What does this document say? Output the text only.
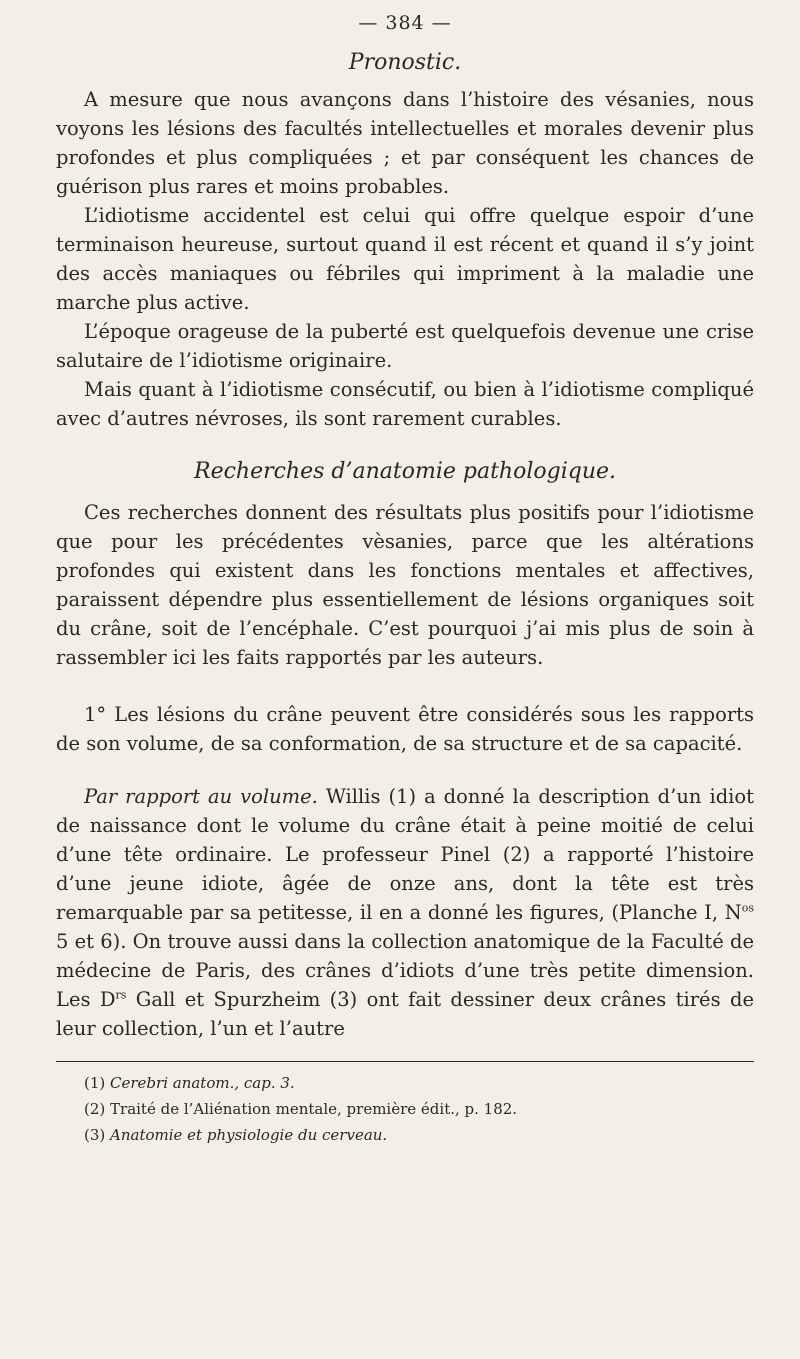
— 384 —
Pronostic.

A mesure que nous avançons dans l’histoire des vésanies, nous voyons les lésions des facultés intellectuelles et morales devenir plus profondes et plus compliquées ; et par conséquent les chances de guérison plus rares et moins probables.

L’idiotisme accidentel est celui qui offre quelque espoir d’une terminaison heureuse, surtout quand il est récent et quand il s’y joint des accès maniaques ou fébriles qui impriment à la maladie une marche plus active.

L’époque orageuse de la puberté est quelquefois devenue une crise salutaire de l’idiotisme originaire.

Mais quant à l’idiotisme consécutif, ou bien à l’idiotisme compliqué avec d’autres névroses, ils sont rarement curables.

Recherches d’anatomie pathologique.

Ces recherches donnent des résultats plus positifs pour l’idiotisme que pour les précédentes vèsanies, parce que les altérations profondes qui existent dans les fonctions mentales et affectives, paraissent dépendre plus essentiellement de lésions organiques soit du crâne, soit de l’encéphale. C’est pourquoi j’ai mis plus de soin à rassembler ici les faits rapportés par les auteurs.

1° Les lésions du crâne peuvent être considérés sous les rapports de son volume, de sa conformation, de sa structure et de sa capacité.

Par rapport au volume. Willis (1) a donné la description d’un idiot de naissance dont le volume du crâne était à peine moitié de celui d’une tête ordinaire. Le professeur Pinel (2) a rapporté l’histoire d’une jeune idiote, âgée de onze ans, dont la tête est très remarquable par sa petitesse, il en a donné les figures, (Planche I, $N^{os}$ 5 et 6). On trouve aussi dans la collection anatomique de la Faculté de médecine de Paris, des crânes d’idiots d’une très petite dimension. Les $D^{rs}$ Gall et Spurzheim (3) ont fait dessiner deux crânes tirés de leur collection, l’un et l’autre

(1) Cerebri anatom., cap. 3.
(2) Traité de l’Aliénation mentale, première édit., p. 182.
(3) Anatomie et physiologie du cerveau.
